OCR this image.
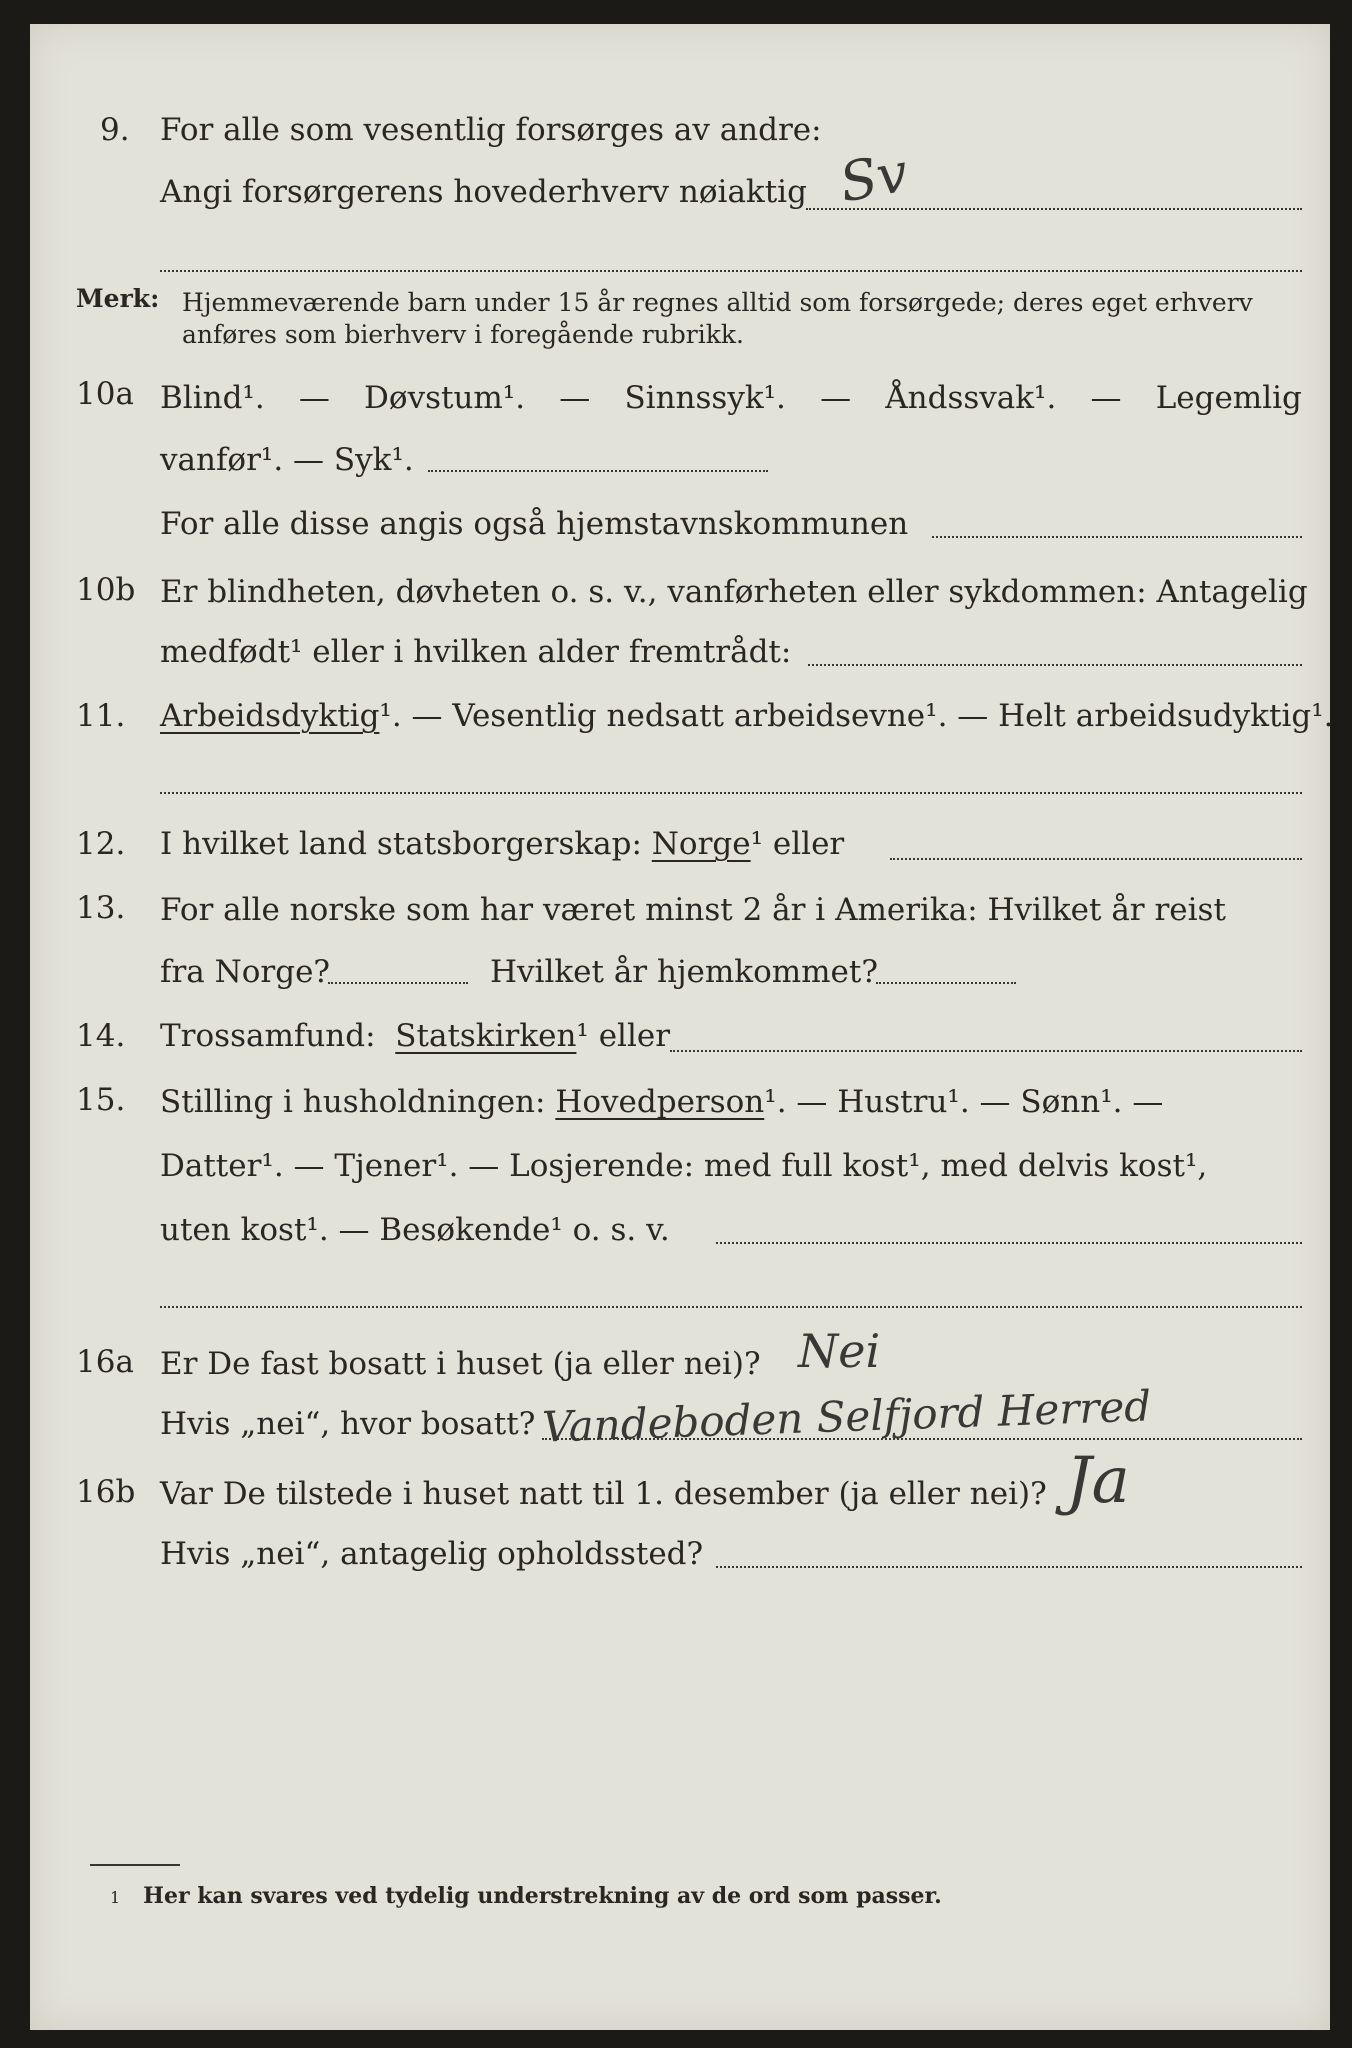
9. For alle som vesentlig forsørges av andre:
Angi forsørgerens hovederhverv nøiaktig Sv
Merk: Hjemmeværende barn under 15 år regnes alltid som forsørgede; deres eget erhverv
anføres som bierhverv i foregående rubrikk.
10a Blind¹. — Døvstum¹. — Sinnssyk¹. — Åndssvak¹. — Legemlig
vanfør¹. — Syk¹.
For alle disse angis også hjemstavnskommunen
10b Er blindheten, døvheten o. s. v., vanførheten eller sykdommen: Antagelig
medfødt¹ eller i hvilken alder fremtrådt:
11. Arbeidsdyktig¹. — Vesentlig nedsatt arbeidsevne¹. — Helt arbeidsudyktig¹.
12. I hvilket land statsborgerskap: Norge¹ eller
13. For alle norske som har været minst 2 år i Amerika: Hvilket år reist
fra Norge?	Hvilket år hjemkommet?
14. Trossamfund: Statskirken¹ eller
15. Stilling i husholdningen: Hovedperson¹. — Hustru¹. — Sønn¹. —
Datter¹. — Tjener¹. — Losjerende: med full kost¹, med delvis kost¹,
uten kost¹. — Besøkende¹ o. s. v.
16a Er De fast bosatt i huset (ja eller nei)? Nei
Hvis „nei“, hvor bosatt? Vandeboden Selfjord Herred
16b Var De tilstede i huset natt til 1. desember (ja eller nei)? Ja
Hvis „nei“, antagelig opholdssted?
1 Her kan svares ved tydelig understrekning av de ord som passer.
